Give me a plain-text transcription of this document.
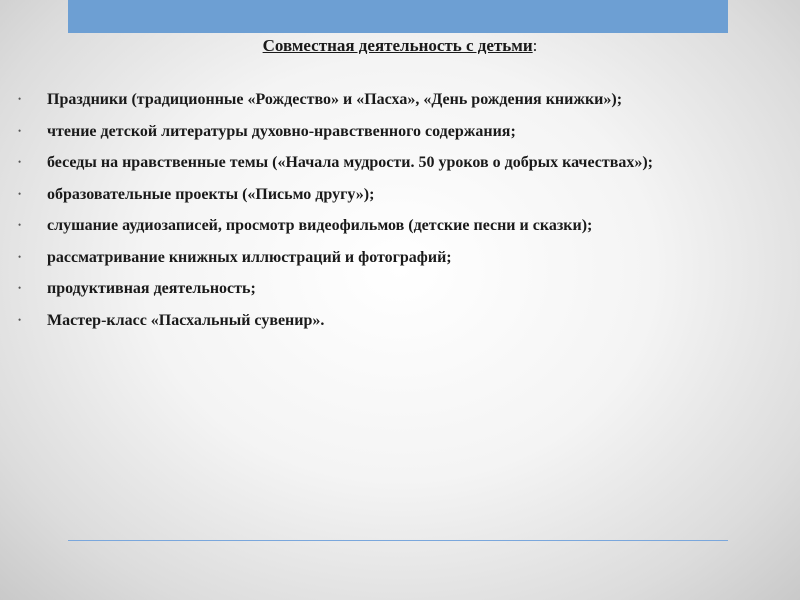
Совместная деятельность с детьми:
• Праздники (традиционные «Рождество» и «Пасха», «День рождения книжки»);
• чтение детской литературы духовно-нравственного содержания;
• беседы на нравственные темы («Начала мудрости. 50 уроков о добрых качествах»);
• образовательные проекты («Письмо другу»);
• слушание аудиозаписей, просмотр видеофильмов (детские песни и сказки);
• рассматривание книжных иллюстраций и фотографий;
• продуктивная деятельность;
• Мастер-класс «Пасхальный сувенир».
